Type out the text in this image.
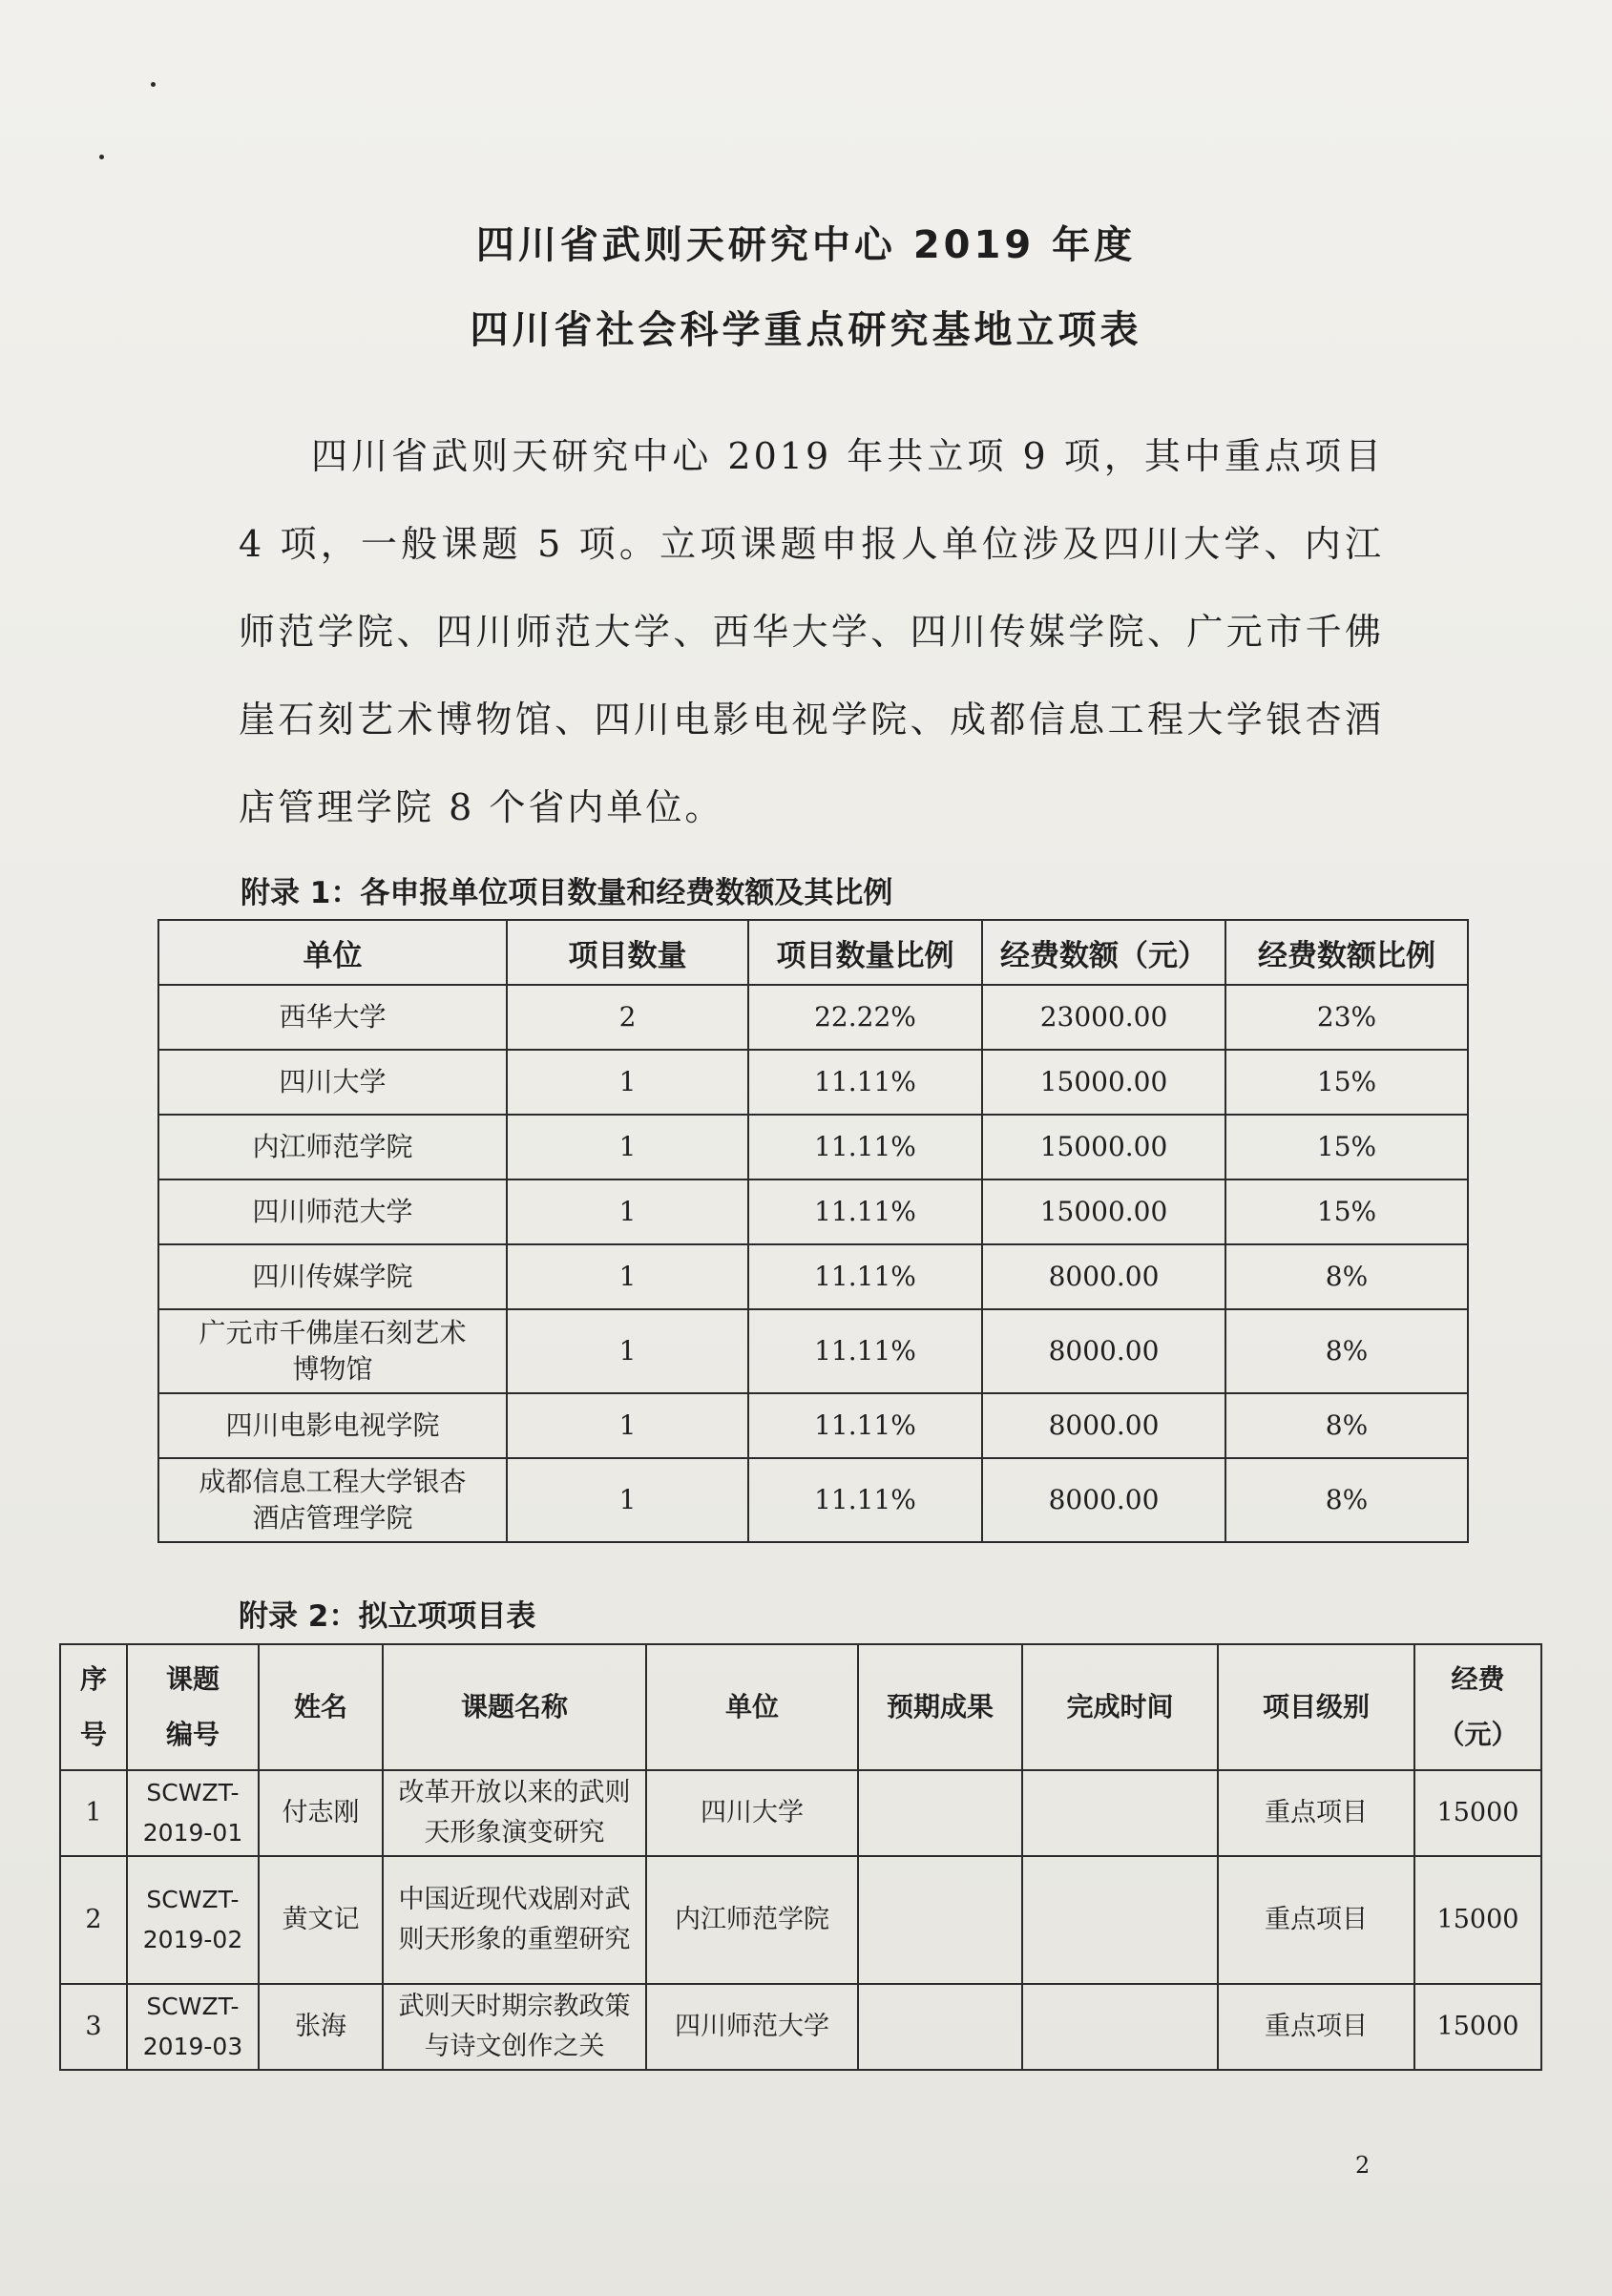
四川省武则天研究中心 2019 年度
四川省社会科学重点研究基地立项表

四川省武则天研究中心 2019 年共立项 9 项，其中重点项目 4 项，一般课题 5 项。立项课题申报人单位涉及四川大学、内江师范学院、四川师范大学、西华大学、四川传媒学院、广元市千佛崖石刻艺术博物馆、四川电影电视学院、成都信息工程大学银杏酒店管理学院 8 个省内单位。

附录 1：各申报单位项目数量和经费数额及其比例
单位	项目数量	项目数量比例	经费数额（元）	经费数额比例
西华大学	2	22.22%	23000.00	23%
四川大学	1	11.11%	15000.00	15%
内江师范学院	1	11.11%	15000.00	15%
四川师范大学	1	11.11%	15000.00	15%
四川传媒学院	1	11.11%	8000.00	8%
广元市千佛崖石刻艺术博物馆	1	11.11%	8000.00	8%
四川电影电视学院	1	11.11%	8000.00	8%
成都信息工程大学银杏酒店管理学院	1	11.11%	8000.00	8%
附录 2：拟立项项目表
序号	课题编号	姓名	课题名称	单位	预期成果	完成时间	项目级别	经费（元）
1	SCWZT-2019-01	付志刚	改革开放以来的武则天形象演变研究	四川大学			重点项目	15000
2	SCWZT-2019-02	黄文记	中国近现代戏剧对武则天形象的重塑研究	内江师范学院			重点项目	15000
3	SCWZT-2019-03	张海	武则天时期宗教政策与诗文创作之关	四川师范大学			重点项目	15000
2
